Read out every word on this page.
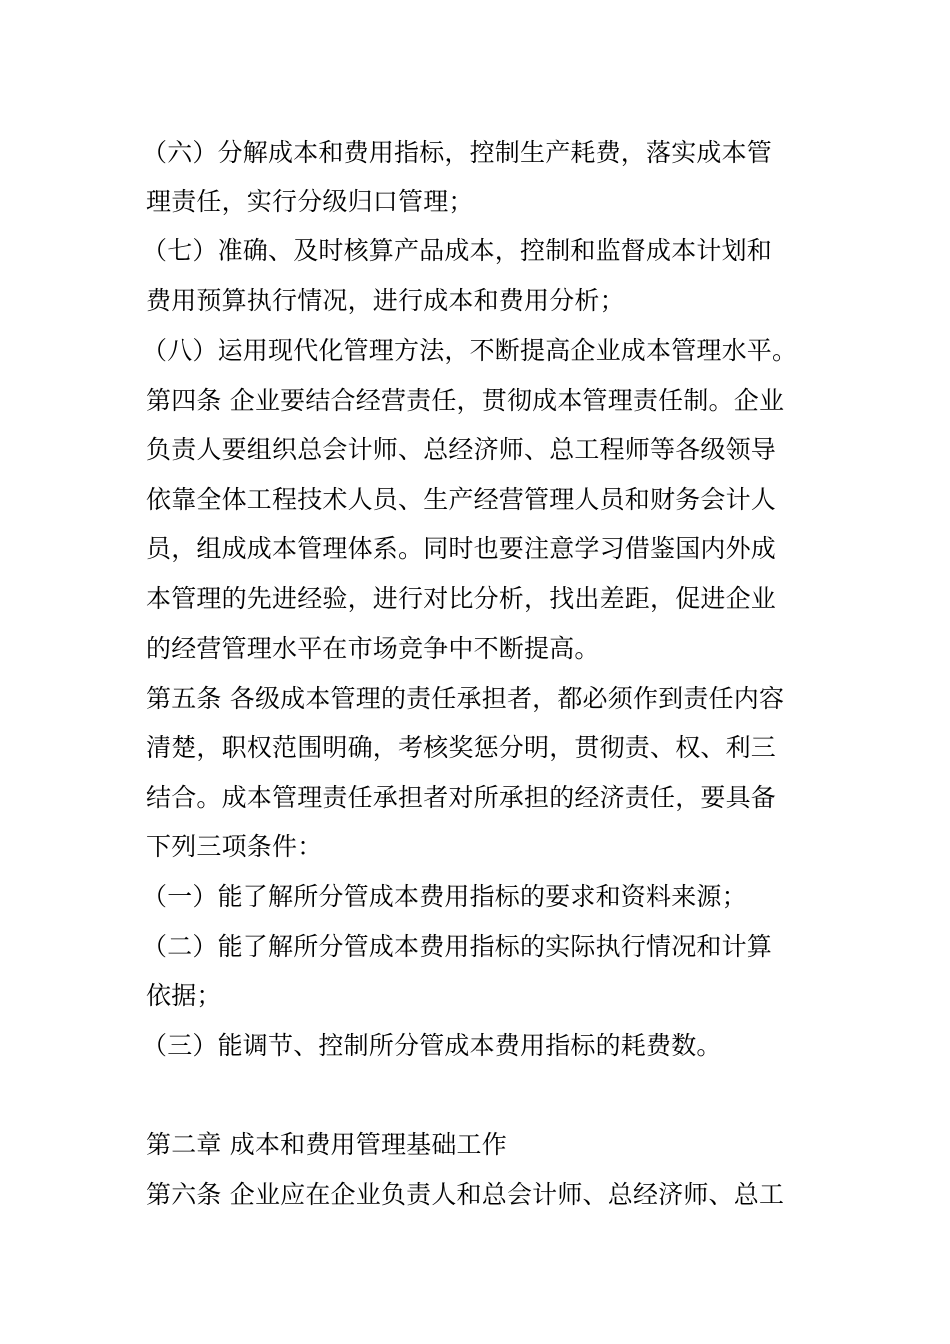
（六）分解成本和费用指标，控制生产耗费，落实成本管
理责任，实行分级归口管理；
（七）准确、及时核算产品成本，控制和监督成本计划和
费用预算执行情况，进行成本和费用分析；
（八）运用现代化管理方法，不断提高企业成本管理水平。
第四条 企业要结合经营责任，贯彻成本管理责任制。企业
负责人要组织总会计师、总经济师、总工程师等各级领导
依靠全体工程技术人员、生产经营管理人员和财务会计人
员，组成成本管理体系。同时也要注意学习借鉴国内外成
本管理的先进经验，进行对比分析，找出差距，促进企业
的经营管理水平在市场竞争中不断提高。
第五条 各级成本管理的责任承担者，都必须作到责任内容
清楚，职权范围明确，考核奖惩分明，贯彻责、权、利三
结合。成本管理责任承担者对所承担的经济责任，要具备
下列三项条件：
（一）能了解所分管成本费用指标的要求和资料来源；
（二）能了解所分管成本费用指标的实际执行情况和计算
依据；
（三）能调节、控制所分管成本费用指标的耗费数。
第二章 成本和费用管理基础工作
第六条 企业应在企业负责人和总会计师、总经济师、总工
